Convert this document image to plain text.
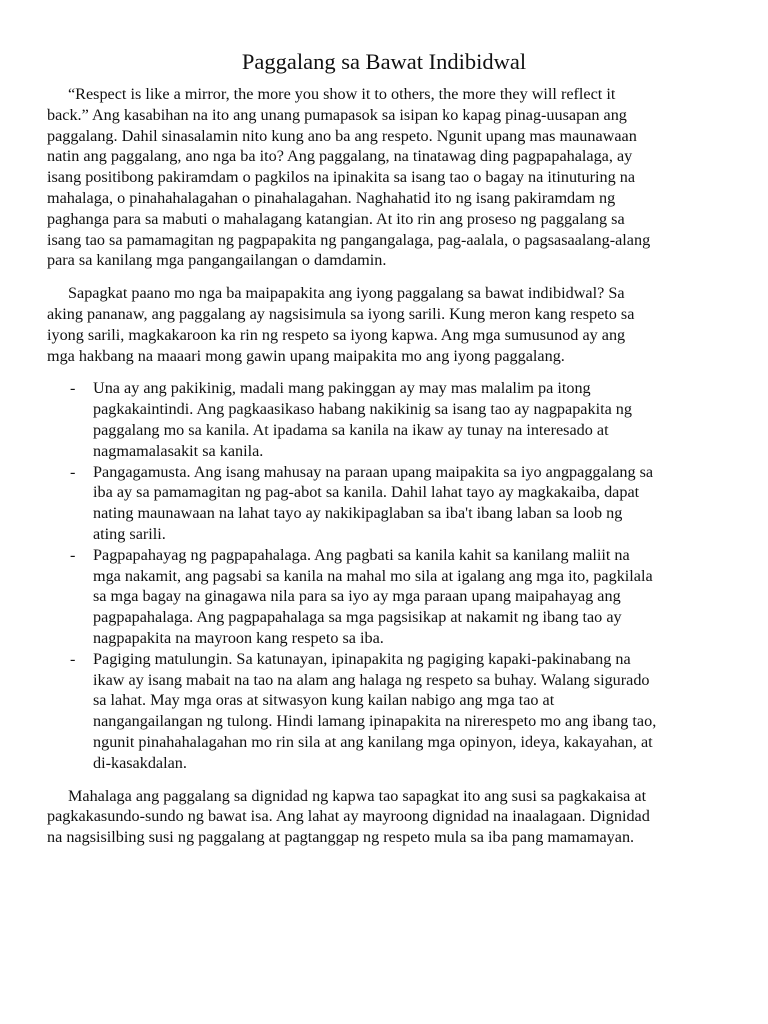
Paggalang sa Bawat Indibidwal

“Respect is like a mirror, the more you show it to others, the more they will reflect it
back.” Ang kasabihan na ito ang unang pumapasok sa isipan ko kapag pinag-uusapan ang
paggalang. Dahil sinasalamin nito kung ano ba ang respeto. Ngunit upang mas maunawaan
natin ang paggalang, ano nga ba ito? Ang paggalang, na tinatawag ding pagpapahalaga, ay
isang positibong pakiramdam o pagkilos na ipinakita sa isang tao o bagay na itinuturing na
mahalaga, o pinahahalagahan o pinahalagahan. Naghahatid ito ng isang pakiramdam ng
paghanga para sa mabuti o mahalagang katangian. At ito rin ang proseso ng paggalang sa
isang tao sa pamamagitan ng pagpapakita ng pangangalaga, pag-aalala, o pagsasaalang-alang
para sa kanilang mga pangangailangan o damdamin.

Sapagkat paano mo nga ba maipapakita ang iyong paggalang sa bawat indibidwal? Sa
aking pananaw, ang paggalang ay nagsisimula sa iyong sarili. Kung meron kang respeto sa
iyong sarili, magkakaroon ka rin ng respeto sa iyong kapwa. Ang mga sumusunod ay ang
mga hakbang na maaari mong gawin upang maipakita mo ang iyong paggalang.

- Una ay ang pakikinig, madali mang pakinggan ay may mas malalim pa itong
pagkakaintindi. Ang pagkaasikaso habang nakikinig sa isang tao ay nagpapakita ng
paggalang mo sa kanila. At ipadama sa kanila na ikaw ay tunay na interesado at
nagmamalasakit sa kanila.
- Pangagamusta. Ang isang mahusay na paraan upang maipakita sa iyo angpaggalang sa
iba ay sa pamamagitan ng pag-abot sa kanila. Dahil lahat tayo ay magkakaiba, dapat
nating maunawaan na lahat tayo ay nakikipaglaban sa iba't ibang laban sa loob ng
ating sarili.
- Pagpapahayag ng pagpapahalaga. Ang pagbati sa kanila kahit sa kanilang maliit na
mga nakamit, ang pagsabi sa kanila na mahal mo sila at igalang ang mga ito, pagkilala
sa mga bagay na ginagawa nila para sa iyo ay mga paraan upang maipahayag ang
pagpapahalaga. Ang pagpapahalaga sa mga pagsisikap at nakamit ng ibang tao ay
nagpapakita na mayroon kang respeto sa iba.
- Pagiging matulungin. Sa katunayan, ipinapakita ng pagiging kapaki-pakinabang na
ikaw ay isang mabait na tao na alam ang halaga ng respeto sa buhay. Walang sigurado
sa lahat. May mga oras at sitwasyon kung kailan nabigo ang mga tao at
nangangailangan ng tulong. Hindi lamang ipinapakita na nirerespeto mo ang ibang tao,
ngunit pinahahalagahan mo rin sila at ang kanilang mga opinyon, ideya, kakayahan, at
di-kasakdalan.

Mahalaga ang paggalang sa dignidad ng kapwa tao sapagkat ito ang susi sa pagkakaisa at
pagkakasundo-sundo ng bawat isa. Ang lahat ay mayroong dignidad na inaalagaan. Dignidad
na nagsisilbing susi ng paggalang at pagtanggap ng respeto mula sa iba pang mamamayan.
